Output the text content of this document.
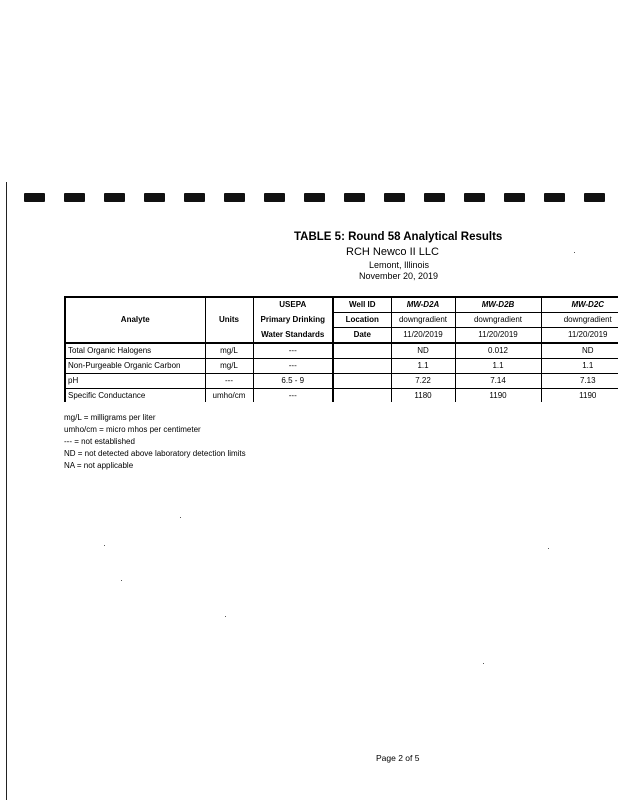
TABLE 5: Round 58 Analytical Results
RCH Newco II LLC
Lemont, Illinois
November 20, 2019
Analyte	Units	USEPA	Well ID	MW-D2A	MW-D2B	MW-D2C
		Primary Drinking	Location	downgradient	downgradient	downgradient
		Water Standards	Date	11/20/2019	11/20/2019	11/20/2019
Total Organic Halogens	mg/L	---		ND	0.012	ND
Non-Purgeable Organic Carbon	mg/L	---		1.1	1.1	1.1
pH	---	6.5 - 9		7.22	7.14	7.13
Specific Conductance	umho/cm	---		1180	1190	1190
mg/L = milligrams per liter
umho/cm = micro mhos per centimeter
--- = not established
ND = not detected above laboratory detection limits
NA = not applicable
Page 2 of 5
